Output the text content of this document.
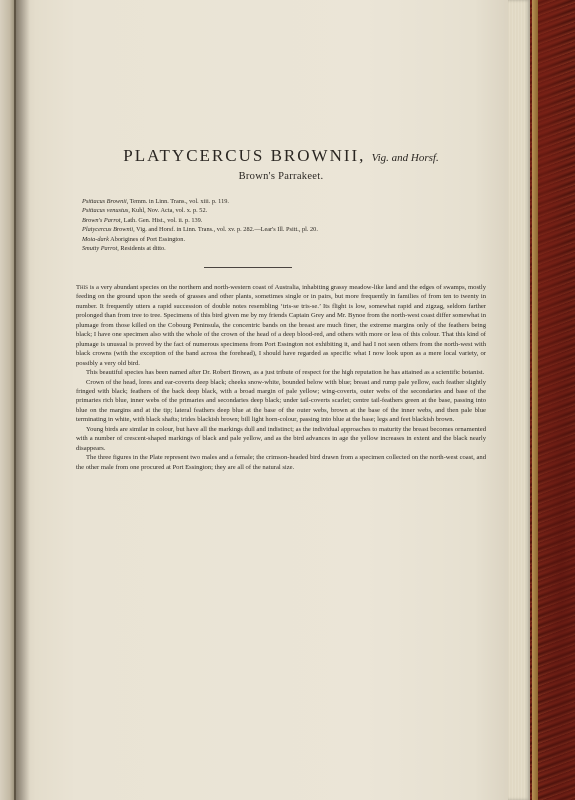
PLATYCERCUS BROWNII, Vig. and Horsf.
Brown's Parrakeet.
Psittacus Brownii, Temm. in Linn. Trans., vol. xiii. p. 119.
Psittacus venustus, Kuhl, Nov. Acta, vol. x. p. 52.
Brown's Parrot, Lath. Gen. Hist., vol. ii. p. 139.
Platycercus Brownii, Vig. and Horsf. in Linn. Trans., vol. xv. p. 282.—Lear's Ill. Psitt., pl. 20.
Moia-dark Aborigines of Port Essington.
Smutty Parrot, Residents at ditto.

This is a very abundant species on the northern and north-western coast of Australia, inhabiting grassy meadow-like land and the edges of swamps, mostly feeding on the ground upon the seeds of grasses and other plants, sometimes single or in pairs, but more frequently in families of from ten to twenty in number. It frequently utters a rapid succession of double notes resembling ‘tris-se tris-se.’ Its flight is low, somewhat rapid and zigzag, seldom farther prolonged than from tree to tree. Specimens of this bird given me by my friends Captain Grey and Mr. Bynoe from the north-west coast differ somewhat in plumage from those killed on the Cobourg Peninsula, the concentric bands on the breast are much finer, the extreme margins only of the feathers being black; I have one specimen also with the whole of the crown of the head of a deep blood-red, and others with more or less of this colour. That this kind of plumage is unusual is proved by the fact of numerous specimens from Port Essington not exhibiting it, and had I not seen others from the north-west with black crowns (with the exception of the band across the forehead), I should have regarded as specific what I now look upon as a mere local variety, or possibly a very old bird.

This beautiful species has been named after Dr. Robert Brown, as a just tribute of respect for the high reputation he has attained as a scientific botanist.

Crown of the head, lores and ear-coverts deep black; cheeks snow-white, bounded below with blue; breast and rump pale yellow, each feather slightly fringed with black; feathers of the back deep black, with a broad margin of pale yellow; wing-coverts, outer webs of the secondaries and base of the primaries rich blue, inner webs of the primaries and secondaries deep black; under tail-coverts scarlet; centre tail-feathers green at the base, passing into blue on the margins and at the tip; lateral feathers deep blue at the base of the outer webs, brown at the base of the inner webs, and then pale blue terminating in white, with black shafts; irides blackish brown; bill light horn-colour, passing into blue at the base; legs and feet blackish brown.

Young birds are similar in colour, but have all the markings dull and indistinct; as the individual approaches to maturity the breast becomes ornamented with a number of crescent-shaped markings of black and pale yellow, and as the bird advances in age the yellow increases in extent and the black nearly disappears.

The three figures in the Plate represent two males and a female; the crimson-headed bird drawn from a specimen collected on the north-west coast, and the other male from one procured at Port Essington; they are all of the natural size.
